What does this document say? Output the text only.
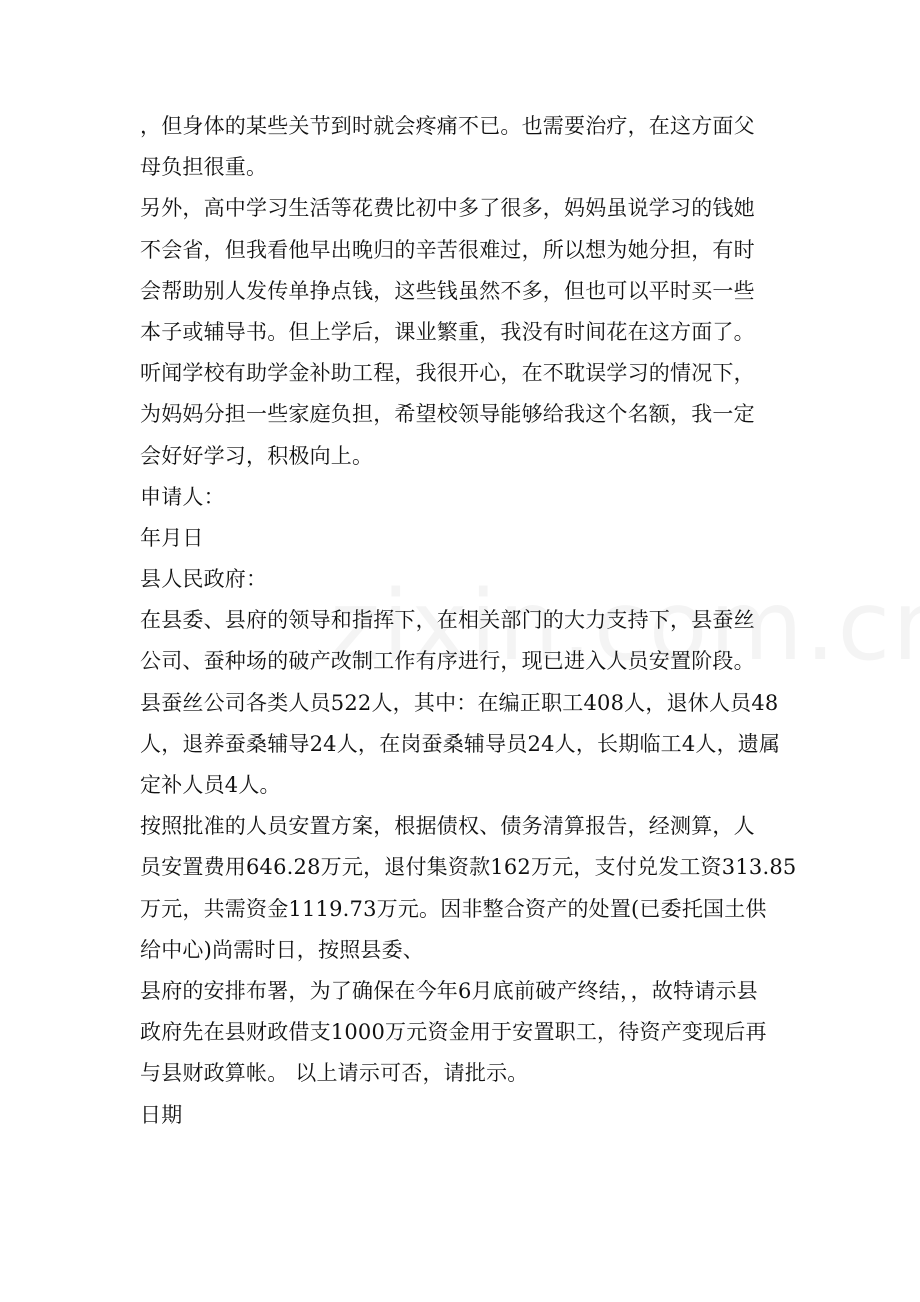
，但身体的某些关节到时就会疼痛不已。也需要治疗，在这方面父
母负担很重。
另外，高中学习生活等花费比初中多了很多，妈妈虽说学习的钱她
不会省，但我看他早出晚归的辛苦很难过，所以想为她分担，有时
会帮助别人发传单挣点钱，这些钱虽然不多，但也可以平时买一些
本子或辅导书。但上学后，课业繁重，我没有时间花在这方面了。
听闻学校有助学金补助工程，我很开心，在不耽误学习的情况下，
为妈妈分担一些家庭负担，希望校领导能够给我这个名额，我一定
会好好学习，积极向上。
申请人：
年月日
县人民政府：
在县委、县府的领导和指挥下，在相关部门的大力支持下，县蚕丝
公司、蚕种场的破产改制工作有序进行，现已进入人员安置阶段。
县蚕丝公司各类人员522人，其中：在编正职工408人，退休人员48
人，退养蚕桑辅导24人，在岗蚕桑辅导员24人，长期临工4人，遗属
定补人员4人。
按照批准的人员安置方案，根据债权、债务清算报告，经测算，人
员安置费用646.28万元，退付集资款162万元，支付兑发工资313.85
万元，共需资金1119.73万元。因非整合资产的处置(已委托国土供
给中心)尚需时日，按照县委、
县府的安排布署，为了确保在今年6月底前破产终结，，故特请示县
政府先在县财政借支1000万元资金用于安置职工，待资产变现后再
与县财政算帐。 以上请示可否，请批示。
日期
